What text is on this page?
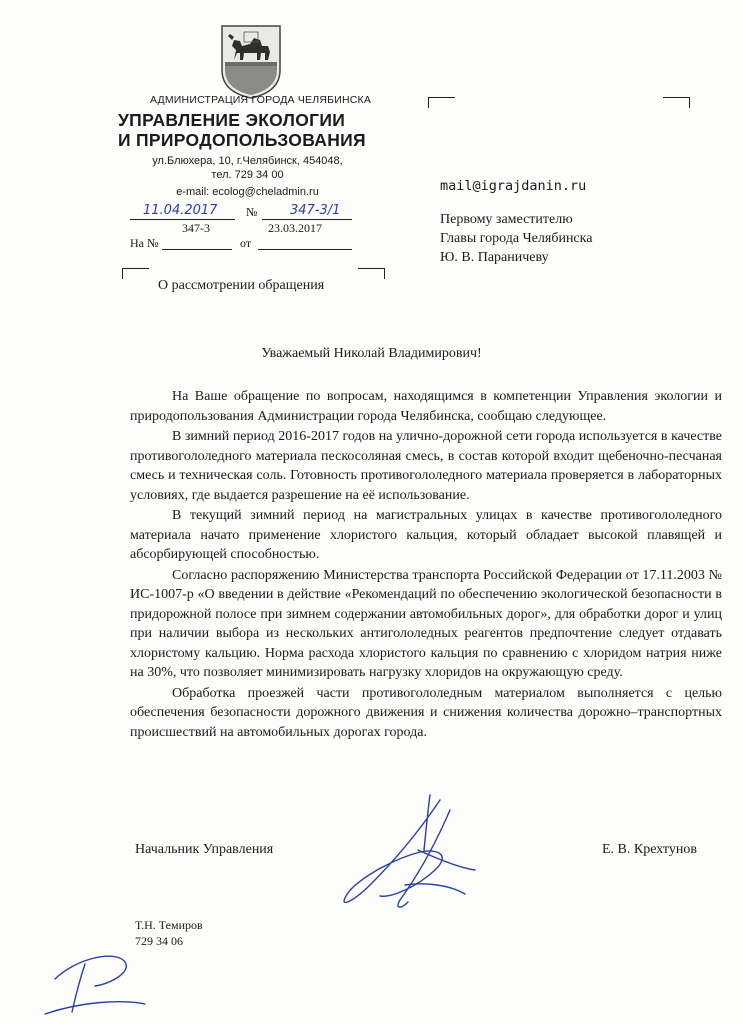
АДМИНИСТРАЦИЯ ГОРОДА ЧЕЛЯБИНСКА
УПРАВЛЕНИЕ ЭКОЛОГИИ
И ПРИРОДОПОЛЬЗОВАНИЯ
ул.Блюхера, 10, г.Челябинск, 454048,
тел. 729 34 00
e-mail: ecolog@cheladmin.ru
11.04.2017 №	347-3/1
347-3	23.03.2017
На №	от
mail@igrajdanin.ru
Первому заместителю
Главы города Челябинска
Ю. В. Параничеву
О рассмотрении обращения
Уважаемый Николай Владимирович!

На Ваше обращение по вопросам, находящимся в компетенции Управления экологии и природопользования Администрации города Челябинска, сообщаю следующее.

В зимний период 2016-2017 годов на улично-дорожной сети города используется в качестве противогололедного материала пескосоляная смесь, в состав которой входит щебеночно-песчаная смесь и техническая соль. Готовность противогололедного материала проверяется в лабораторных условиях, где выдается разрешение на её использование.

В текущий зимний период на магистральных улицах в качестве противогололедного материала начато применение хлористого кальция, который обладает высокой плавящей и абсорбирующей способностью.

Согласно распоряжению Министерства транспорта Российской Федерации от 17.11.2003 № ИС-1007-р «О введении в действие «Рекомендаций по обеспечению экологической безопасности в придорожной полосе при зимнем содержании автомобильных дорог», для обработки дорог и улиц при наличии выбора из нескольких антигололедных реагентов предпочтение следует отдавать хлористому кальцию. Норма расхода хлористого кальция по сравнению с хлоридом натрия ниже на 30%, что позволяет минимизировать нагрузку хлоридов на окружающую среду.

Обработка проезжей части противогололедным материалом выполняется с целью обеспечения безопасности дорожного движения и снижения количества дорожно–транспортных происшествий на автомобильных дорогах города.

Начальник Управления	Е. В. Крехтунов
Т.Н. Темиров
729 34 06
